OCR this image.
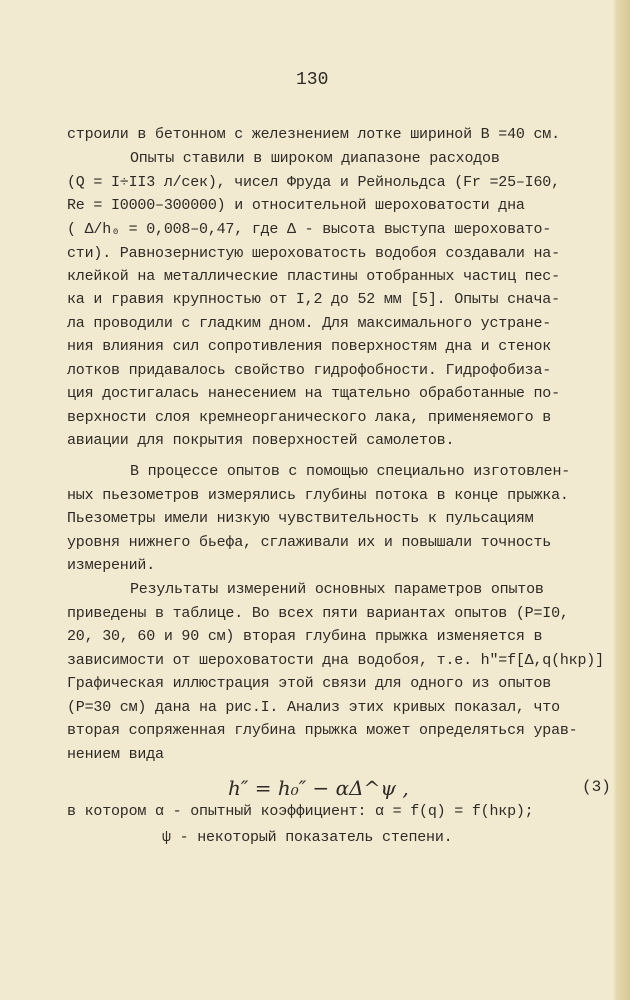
130
строили в бетонном с железнением лотке шириной B =40 см.
Опыты ставили в широком диапазоне расходов
(Q = I÷II3 л/сек), чисел Фруда и Рейнольдса (Fr =25–I60,
Re = I0000–300000) и относительной шероховатости дна
( Δ/h₀ = 0,008–0,47, где Δ - высота выступа шероховато-
сти). Равнозернистую шероховатость водобоя создавали на-
клейкой на металлические пластины отобранных частиц пес-
ка и гравия крупностью от I,2 до 52 мм [5]. Опыты снача-
ла проводили с гладким дном. Для максимального устране-
ния влияния сил сопротивления поверхностям дна и стенок
лотков придавалось свойство гидрофобности. Гидрофобиза-
ция достигалась нанесением на тщательно обработанные по-
верхности слоя кремнеорганического лака, применяемого в
авиации для покрытия поверхностей самолетов.
В процессе опытов с помощью специально изготовлен-
ных пьезометров измерялись глубины потока в конце прыжка.
Пьезометры имели низкую чувствительность к пульсациям
уровня нижнего бьефа, сглаживали их и повышали точность
измерений.
Результаты измерений основных параметров опытов
приведены в таблице. Во всех пяти вариантах опытов (P=I0,
20, 30, 60 и 90 см) вторая глубина прыжка изменяется в
зависимости от шероховатости дна водобоя, т.е. h″=f[Δ,q(hкр)]
Графическая иллюстрация этой связи для одного из опытов
(P=30 см) дана на рис.I. Анализ этих кривых показал, что
вторая сопряженная глубина прыжка может определяться урав-
нением вида
h″ = h₀″ − αΔ^ψ ,	(3)
в котором α - опытный коэффициент: α = f(q) = f(hкр);
ψ - некоторый показатель степени.
